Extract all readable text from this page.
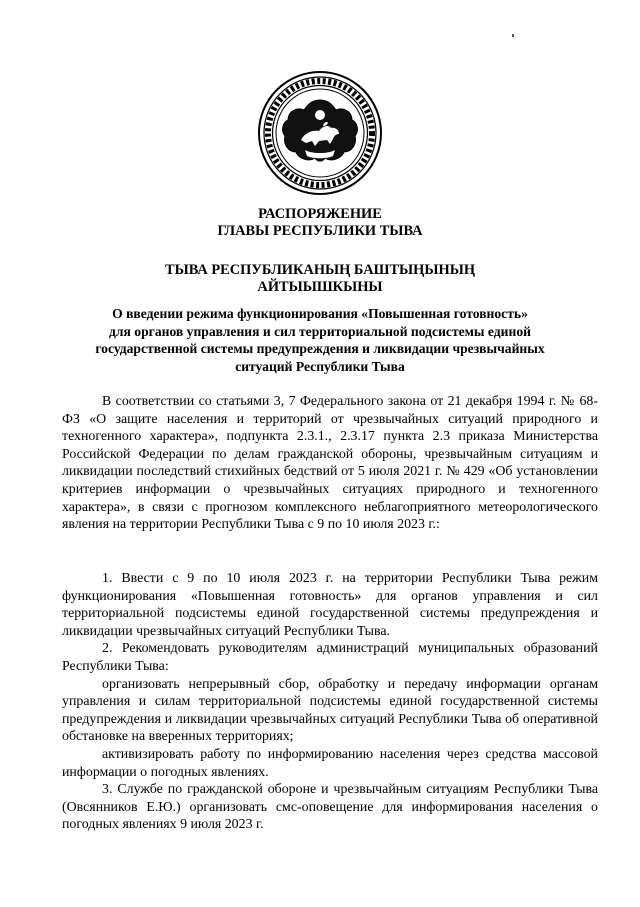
РАСПОРЯЖЕНИЕ
ГЛАВЫ РЕСПУБЛИКИ ТЫВА
ТЫВА РЕСПУБЛИКАНЫҢ БАШТЫҢЫНЫҢ
АЙТЫЫШКЫНЫ
О введении режима функционирования «Повышенная готовность»
для органов управления и сил территориальной подсистемы единой
государственной системы предупреждения и ликвидации чрезвычайных
ситуаций Республики Тыва

В соответствии со статьями 3, 7 Федерального закона от 21 декабря 1994 г. № 68-ФЗ «О защите населения и территорий от чрезвычайных ситуаций природного и техногенного характера», подпункта 2.3.1., 2.3.17 пункта 2.3 приказа Министерства Российской Федерации по делам гражданской обороны, чрезвычайным ситуациям и ликвидации последствий стихийных бедствий от 5 июля 2021 г. № 429 «Об установлении критериев информации о чрезвычайных ситуациях природного и техногенного характера», в связи с прогнозом комплексного неблагоприятного метеорологического явления на территории Республики Тыва с 9 по 10 июля 2023 г.:

1. Ввести с 9 по 10 июля 2023 г. на территории Республики Тыва режим функционирования «Повышенная готовность» для органов управления и сил территориальной подсистемы единой государственной системы предупреждения и ликвидации чрезвычайных ситуаций Республики Тыва.

2. Рекомендовать руководителям администраций муниципальных образований Республики Тыва:

организовать непрерывный сбор, обработку и передачу информации органам управления и силам территориальной подсистемы единой государственной системы предупреждения и ликвидации чрезвычайных ситуаций Республики Тыва об оперативной обстановке на вверенных территориях;

активизировать работу по информированию населения через средства массовой информации о погодных явлениях.

3. Службе по гражданской обороне и чрезвычайным ситуациям Республики Тыва (Овсянников Е.Ю.) организовать смс-оповещение для информирования населения о погодных явлениях 9 июля 2023 г.
